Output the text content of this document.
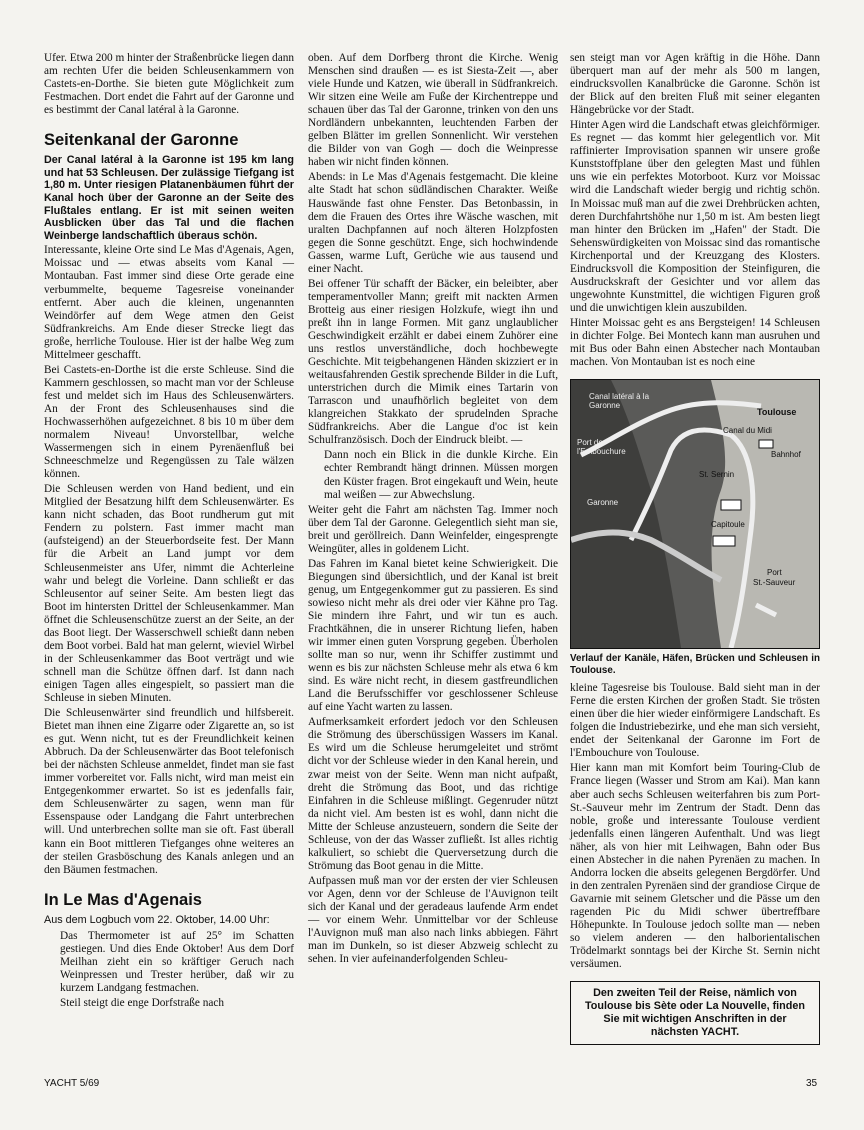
Ufer. Etwa 200 m hinter der Straßenbrücke liegen dann am rechten Ufer die beiden Schleusenkammern von Castets-en-Dorthe. Sie bieten gute Möglichkeit zum Festmachen. Dort endet die Fahrt auf der Garonne und es bestimmt der Canal latéral à la Garonne.

Seitenkanal der Garonne

Der Canal latéral à la Garonne ist 195 km lang und hat 53 Schleusen. Der zulässige Tiefgang ist 1,80 m. Unter riesigen Platanenbäumen führt der Kanal hoch über der Garonne an der Seite des Flußtales entlang. Er ist mit seinen weiten Ausblicken über das Tal und die flachen Weinberge landschaftlich überaus schön.

Interessante, kleine Orte sind Le Mas d'Agenais, Agen, Moissac und — etwas abseits vom Kanal — Montauban. Fast immer sind diese Orte gerade eine verbummelte, bequeme Tagesreise voneinander entfernt. Aber auch die kleinen, ungenannten Weindörfer auf dem Wege atmen den Geist Südfrankreichs. Am Ende dieser Strecke liegt das große, herrliche Toulouse. Hier ist der halbe Weg zum Mittelmeer geschafft.

Bei Castets-en-Dorthe ist die erste Schleuse. Sind die Kammern geschlossen, so macht man vor der Schleuse fest und meldet sich im Haus des Schleusenwärters. An der Front des Schleusenhauses sind die Hochwasserhöhen aufgezeichnet. 8 bis 10 m über dem normalem Niveau! Unvorstellbar, welche Wassermengen sich in einem Pyrenäenfluß bei Schneeschmelze und Regengüssen zu Tale wälzen können.

Die Schleusen werden von Hand bedient, und ein Mitglied der Besatzung hilft dem Schleusenwärter. Es kann nicht schaden, das Boot rundherum gut mit Fendern zu polstern. Fast immer macht man (aufsteigend) an der Steuerbordseite fest. Der Mann für die Arbeit an Land jumpt vor dem Schleusenmeister ans Ufer, nimmt die Achterleine wahr und belegt die Vorleine. Dann schließt er das Schleusentor auf seiner Seite. Am besten liegt das Boot im hintersten Drittel der Schleusenkammer. Man öffnet die Schleusenschütze zuerst an der Seite, an der das Boot liegt. Der Wasserschwell schießt dann neben dem Boot vorbei. Bald hat man gelernt, wieviel Wirbel in der Schleusenkammer das Boot verträgt und wie schnell man die Schütze öffnen darf. Ist dann nach einigen Tagen alles eingespielt, so passiert man die Schleuse in sieben Minuten.

Die Schleusenwärter sind freundlich und hilfsbereit. Bietet man ihnen eine Zigarre oder Zigarette an, so ist es gut. Wenn nicht, tut es der Freundlichkeit keinen Abbruch. Da der Schleusenwärter das Boot telefonisch bei der nächsten Schleuse anmeldet, findet man sie fast immer vorbereitet vor. Falls nicht, wird man meist ein Entgegenkommer erwartet. So ist es jedenfalls fair, dem Schleusenwärter zu sagen, wenn man für Essenspause oder Landgang die Fahrt unterbrechen will. Und unterbrechen sollte man sie oft. Fast überall kann ein Boot mittleren Tiefganges ohne weiteres an der steilen Grasböschung des Kanals anlegen und an den Bäumen festmachen.

In Le Mas d'Agenais

Aus dem Logbuch vom 22. Oktober, 14.00 Uhr:

Das Thermometer ist auf 25° im Schatten gestiegen. Und dies Ende Oktober! Aus dem Dorf Meilhan zieht ein so kräftiger Geruch nach Weinpressen und Trester herüber, daß wir zu kurzem Landgang festmachen.

Steil steigt die enge Dorfstraße nach

oben. Auf dem Dorfberg thront die Kirche. Wenig Menschen sind draußen — es ist Siesta-Zeit —, aber viele Hunde und Katzen, wie überall in Südfrankreich. Wir sitzen eine Weile am Fuße der Kirchentreppe und schauen über das Tal der Garonne, trinken von den uns Nordländern unbekannten, leuchtenden Farben der gelben Blätter im grellen Sonnenlicht. Wir verstehen die Bilder von van Gogh — doch die Weinpresse haben wir nicht finden können.

Abends: in Le Mas d'Agenais festgemacht. Die kleine alte Stadt hat schon südländischen Charakter. Weiße Hauswände fast ohne Fenster. Das Betonbassin, in dem die Frauen des Ortes ihre Wäsche waschen, mit uralten Dachpfannen auf noch älteren Holzpfosten gegen die Sonne geschützt. Enge, sich hochwindende Gassen, warme Luft, Gerüche wie aus tausend und einer Nacht.

Bei offener Tür schafft der Bäcker, ein beleibter, aber temperamentvoller Mann; greift mit nackten Armen Brotteig aus einer riesigen Holzkufe, wiegt ihn und preßt ihn in lange Formen. Mit ganz unglaublicher Geschwindigkeit erzählt er dabei einem Zuhörer eine uns restlos unverständliche, doch hochbewegte Geschichte. Mit teigbehangenen Händen skizziert er in weitausfahrenden Gestik sprechende Bilder in die Luft, unterstrichen durch die Mimik eines Tartarin von Tarrascon und unaufhörlich begleitet von dem klangreichen Stakkato der sprudelnden Sprache Südfrankreichs. Aber die Langue d'oc ist kein Schulfranzösisch. Doch der Eindruck bleibt. —

Dann noch ein Blick in die dunkle Kirche. Ein echter Rembrandt hängt drinnen. Müssen morgen den Küster fragen. Brot eingekauft und Wein, heute mal weißen — zur Abwechslung.

Weiter geht die Fahrt am nächsten Tag. Immer noch über dem Tal der Garonne. Gelegentlich sieht man sie, breit und geröllreich. Dann Weinfelder, eingesprengte Weingüter, alles in goldenem Licht.

Das Fahren im Kanal bietet keine Schwierigkeit. Die Biegungen sind übersichtlich, und der Kanal ist breit genug, um Entgegenkommer gut zu passieren. Es sind sowieso nicht mehr als drei oder vier Kähne pro Tag. Sie mindern ihre Fahrt, und wir tun es auch. Frachtkähnen, die in unserer Richtung liefen, haben wir immer einen guten Vorsprung gegeben. Überholen sollte man so nur, wenn ihr Schiffer zustimmt und wenn es bis zur nächsten Schleuse mehr als etwa 6 km sind. Es wäre nicht recht, in diesem gastfreundlichen Land die Berufsschiffer vor geschlossener Schleuse auf eine Yacht warten zu lassen.

Aufmerksamkeit erfordert jedoch vor den Schleusen die Strömung des überschüssigen Wassers im Kanal. Es wird um die Schleuse herumgeleitet und strömt dicht vor der Schleuse wieder in den Kanal herein, und zwar meist von der Seite. Wenn man nicht aufpaßt, dreht die Strömung das Boot, und das richtige Einfahren in die Schleuse mißlingt. Gegenruder nützt da nicht viel. Am besten ist es wohl, dann nicht die Mitte der Schleuse anzusteuern, sondern die Seite der Schleuse, von der das Wasser zufließt. Ist alles richtig kalkuliert, so schiebt die Querversetzung durch die Strömung das Boot genau in die Mitte.

Aufpassen muß man vor der ersten der vier Schleusen vor Agen, denn vor der Schleuse de l'Auvignon teilt sich der Kanal und der geradeaus laufende Arm endet — vor einem Wehr. Unmittelbar vor der Schleuse l'Auvignon muß man also nach links abbiegen. Fährt man im Dunkeln, so ist dieser Abzweig schlecht zu sehen. In vier aufeinanderfolgenden Schleu-

sen steigt man vor Agen kräftig in die Höhe. Dann überquert man auf der mehr als 500 m langen, eindrucksvollen Kanalbrücke die Garonne. Schön ist der Blick auf den breiten Fluß mit seiner eleganten Hängebrücke vor der Stadt.

Hinter Agen wird die Landschaft etwas gleichförmiger. Es regnet — das kommt hier gelegentlich vor. Mit raffinierter Improvisation spannen wir unsere große Kunststoffplane über den gelegten Mast und fühlen uns wie ein perfektes Motorboot. Kurz vor Moissac wird die Landschaft wieder bergig und richtig schön. In Moissac muß man auf die zwei Drehbrücken achten, deren Durchfahrtshöhe nur 1,50 m ist. Am besten liegt man hinter den Brücken im „Hafen" der Stadt. Die Sehenswürdigkeiten von Moissac sind das romantische Kirchenportal und der Kreuzgang des Klosters. Eindrucksvoll die Komposition der Steinfiguren, die Ausdruckskraft der Gesichter und vor allem das ungewohnte Kunstmittel, die wichtigen Figuren groß und die unwichtigen klein auszubilden.

Hinter Moissac geht es ans Bergsteigen! 14 Schleusen in dichter Folge. Bei Montech kann man ausruhen und mit Bus oder Bahn einen Abstecher nach Montauban machen. Von Montauban ist es noch eine

Canal latéral à la Garonne
Toulouse
Canal du Midi
Port de l'Embouchure	Bahnhof
St. Sernin
Garonne
Capitoule
Port
St.-Sauveur

Verlauf der Kanäle, Häfen, Brücken und Schleusen in Toulouse.

kleine Tagesreise bis Toulouse. Bald sieht man in der Ferne die ersten Kirchen der großen Stadt. Sie trösten einen über die hier wieder einförmigere Landschaft. Es folgen die Industriebezirke, und ehe man sich versieht, endet der Seitenkanal der Garonne im Fort de l'Embouchure von Toulouse.

Hier kann man mit Komfort beim Touring-Club de France liegen (Wasser und Strom am Kai). Man kann aber auch sechs Schleusen weiterfahren bis zum Port-St.-Sauveur mehr im Zentrum der Stadt. Denn das noble, große und interessante Toulouse verdient jedenfalls einen längeren Aufenthalt. Und was liegt näher, als von hier mit Leihwagen, Bahn oder Bus einen Abstecher in die nahen Pyrenäen zu machen. In Andorra locken die abseits gelegenen Bergdörfer. Und in den zentralen Pyrenäen sind der grandiose Cirque de Gavarnie mit seinem Gletscher und die Pässe um den ragenden Pic du Midi schwer übertreffbare Höhepunkte. In Toulouse jedoch sollte man — neben so vielem anderen — den halborientalischen Trödelmarkt sonntags bei der Kirche St. Sernin nicht versäumen.

Den zweiten Teil der Reise, nämlich von Toulouse bis Sète oder La Nouvelle, finden Sie mit wichtigen Anschriften in der nächsten YACHT.
YACHT 5/69	35
